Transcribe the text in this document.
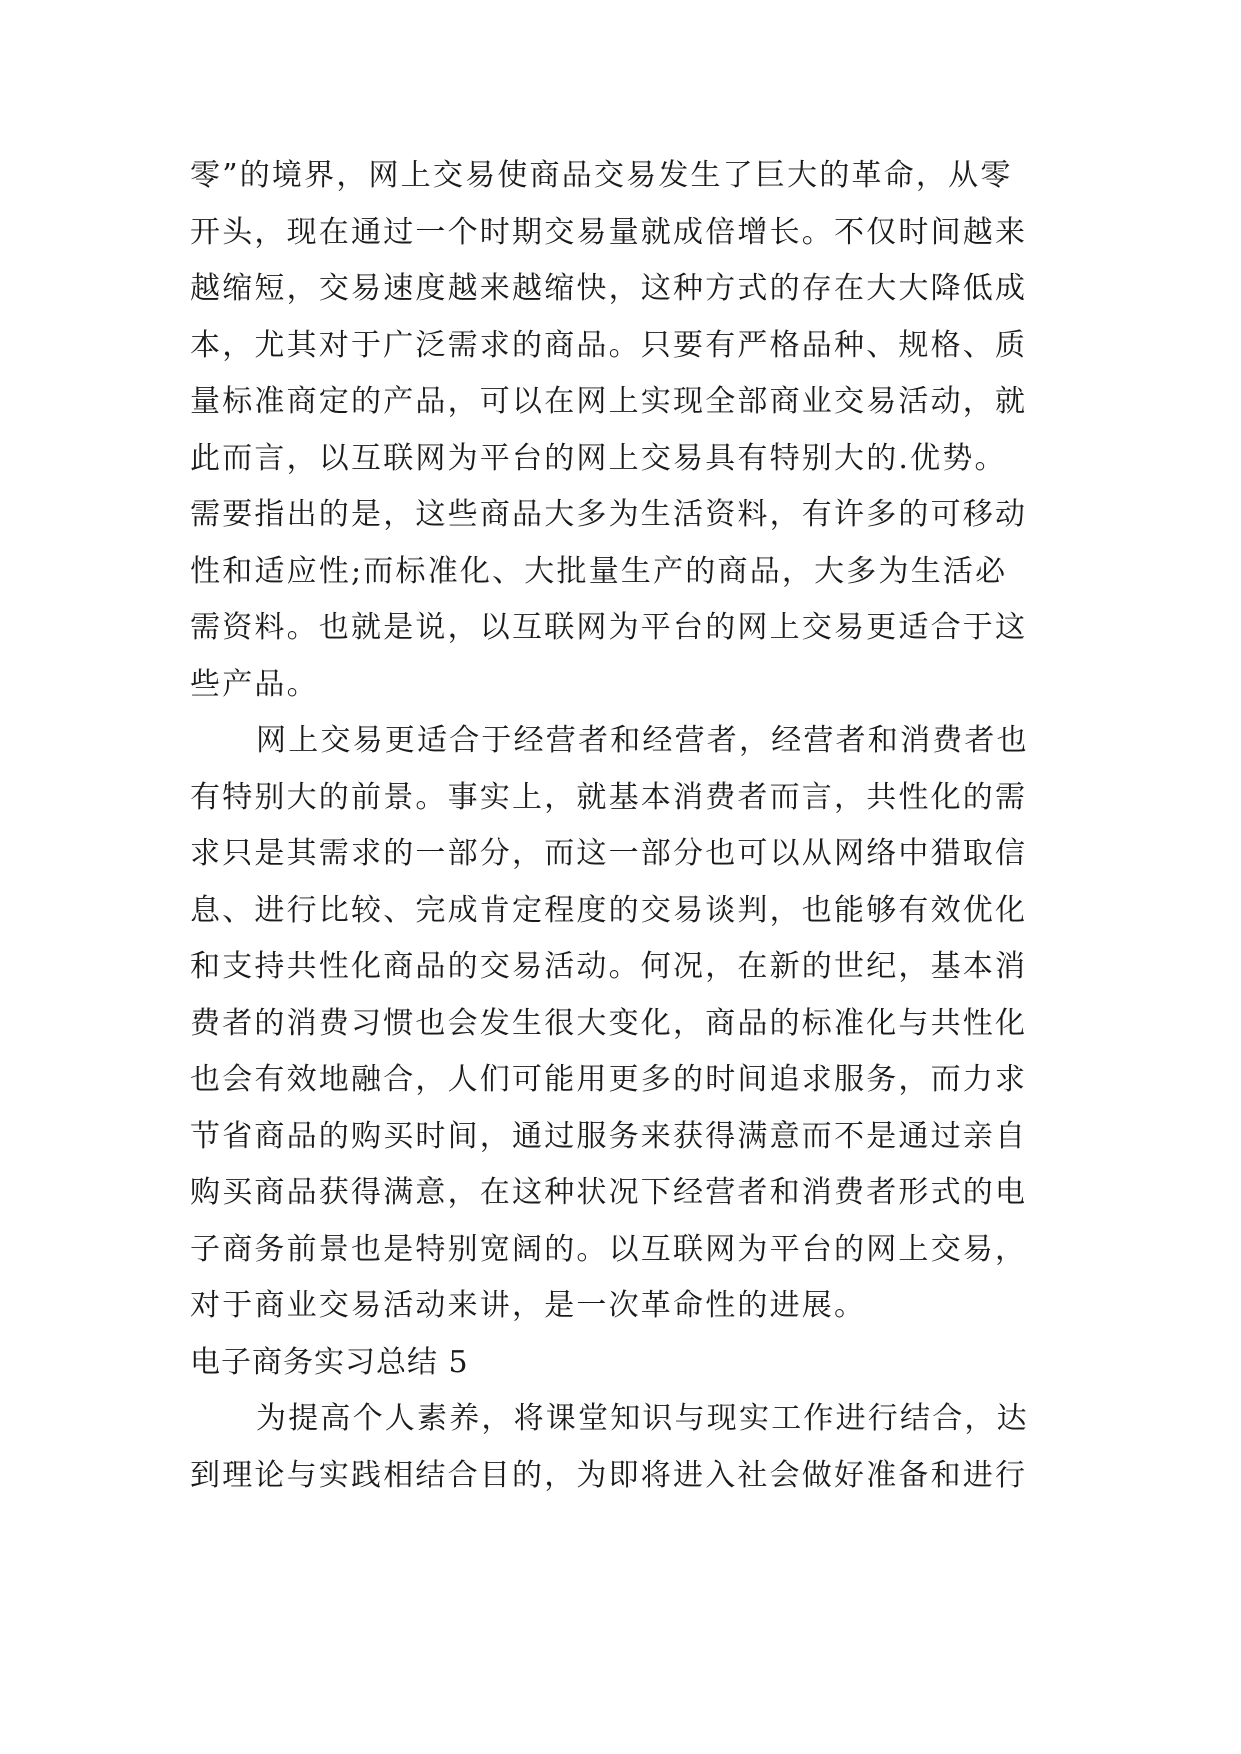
零”的境界，网上交易使商品交易发生了巨大的革命，从零
开头，现在通过一个时期交易量就成倍增长。不仅时间越来
越缩短，交易速度越来越缩快，这种方式的存在大大降低成
本，尤其对于广泛需求的商品。只要有严格品种、规格、质
量标准商定的产品，可以在网上实现全部商业交易活动，就
此而言，以互联网为平台的网上交易具有特别大的.优势。
需要指出的是，这些商品大多为生活资料，有许多的可移动
性和适应性;而标准化、大批量生产的商品，大多为生活必
需资料。也就是说，以互联网为平台的网上交易更适合于这
些产品。
网上交易更适合于经营者和经营者，经营者和消费者也
有特别大的前景。事实上，就基本消费者而言，共性化的需
求只是其需求的一部分，而这一部分也可以从网络中猎取信
息、进行比较、完成肯定程度的交易谈判，也能够有效优化
和支持共性化商品的交易活动。何况，在新的世纪，基本消
费者的消费习惯也会发生很大变化，商品的标准化与共性化
也会有效地融合，人们可能用更多的时间追求服务，而力求
节省商品的购买时间，通过服务来获得满意而不是通过亲自
购买商品获得满意，在这种状况下经营者和消费者形式的电
子商务前景也是特别宽阔的。以互联网为平台的网上交易，
对于商业交易活动来讲，是一次革命性的进展。
电子商务实习总结 5
为提高个人素养，将课堂知识与现实工作进行结合，达
到理论与实践相结合目的，为即将进入社会做好准备和进行
